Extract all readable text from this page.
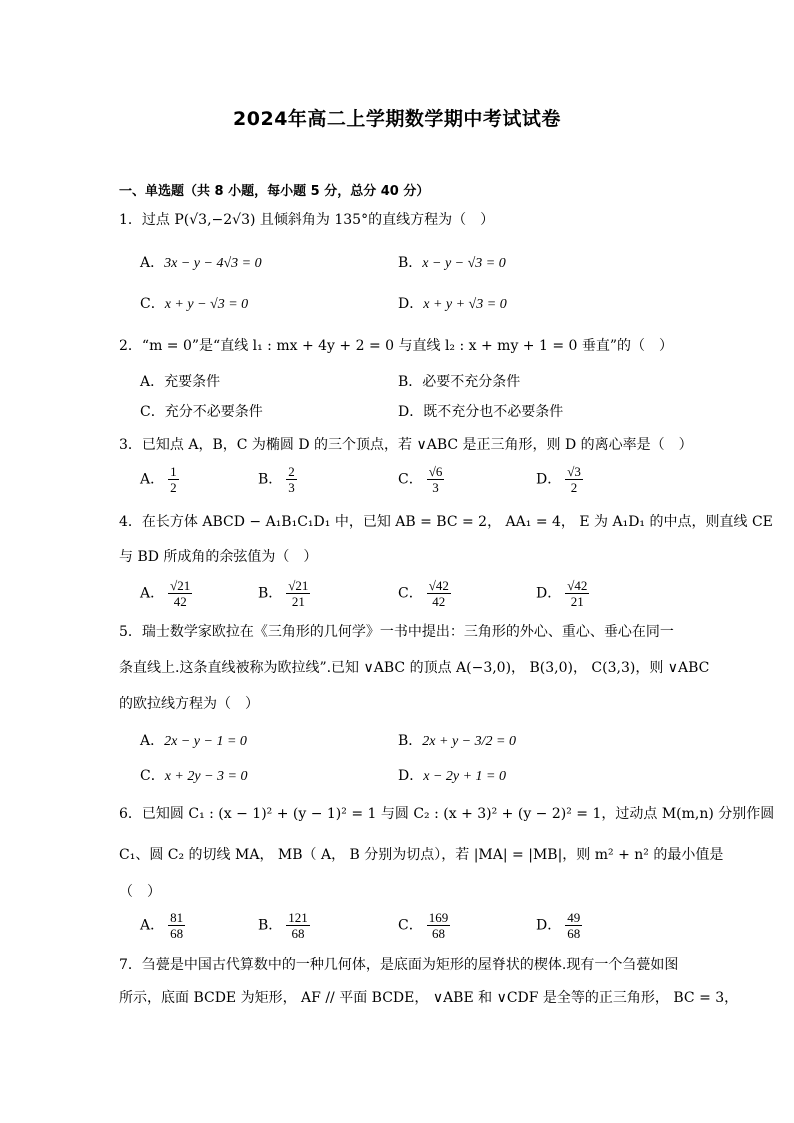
2024年高二上学期数学期中考试试卷
一、单选题（共 8 小题，每小题 5 分，总分 40 分）
1．过点 P(√3,−2√3) 且倾斜角为 135°的直线方程为（　）
A．3x − y − 4√3 = 0	B．x − y − √3 = 0
C．x + y − √3 = 0	D．x + y + √3 = 0
2．“m = 0”是“直线 l₁ : mx + 4y + 2 = 0 与直线 l₂ : x + my + 1 = 0 垂直”的（　）
A．充要条件	B．必要不充分条件
C．充分不必要条件	D．既不充分也不必要条件
3．已知点 A，B，C 为椭圆 D 的三个顶点，若 ∨ABC 是正三角形，则 D 的离心率是（　）
A． $\frac{1}{2}$	B． $\frac{2}{3}$	C． $\frac{√6}{3}$	D． $\frac{√3}{2}$
4．在长方体 ABCD − A₁B₁C₁D₁ 中，已知 AB = BC = 2， AA₁ = 4， E 为 A₁D₁ 的中点，则直线 CE
与 BD 所成角的余弦值为（　）
A． $\frac{√21}{42}$	B． $\frac{√21}{21}$	C． $\frac{√42}{42}$	D． $\frac{√42}{21}$
5．瑞士数学家欧拉在《三角形的几何学》一书中提出：三角形的外心、重心、垂心在同一
条直线上.这条直线被称为欧拉线”.已知 ∨ABC 的顶点 A(−3,0)， B(3,0)， C(3,3)，则 ∨ABC
的欧拉线方程为（　）
A．2x − y − 1 = 0	B．2x + y − 3/2 = 0
C．x + 2y − 3 = 0	D．x − 2y + 1 = 0
6．已知圆 C₁ : (x − 1)² + (y − 1)² = 1 与圆 C₂ : (x + 3)² + (y − 2)² = 1，过动点 M(m,n) 分别作圆
C₁、圆 C₂ 的切线 MA， MB（ A， B 分别为切点），若 |MA| = |MB|，则 m² + n² 的最小值是
（　）
A． $\frac{81}{68}$	B． $\frac{121}{68}$	C． $\frac{169}{68}$	D． $\frac{49}{68}$
7．刍甍是中国古代算数中的一种几何体，是底面为矩形的屋脊状的楔体.现有一个刍甍如图
所示，底面 BCDE 为矩形， AF // 平面 BCDE， ∨ABE 和 ∨CDF 是全等的正三角形， BC = 3，
